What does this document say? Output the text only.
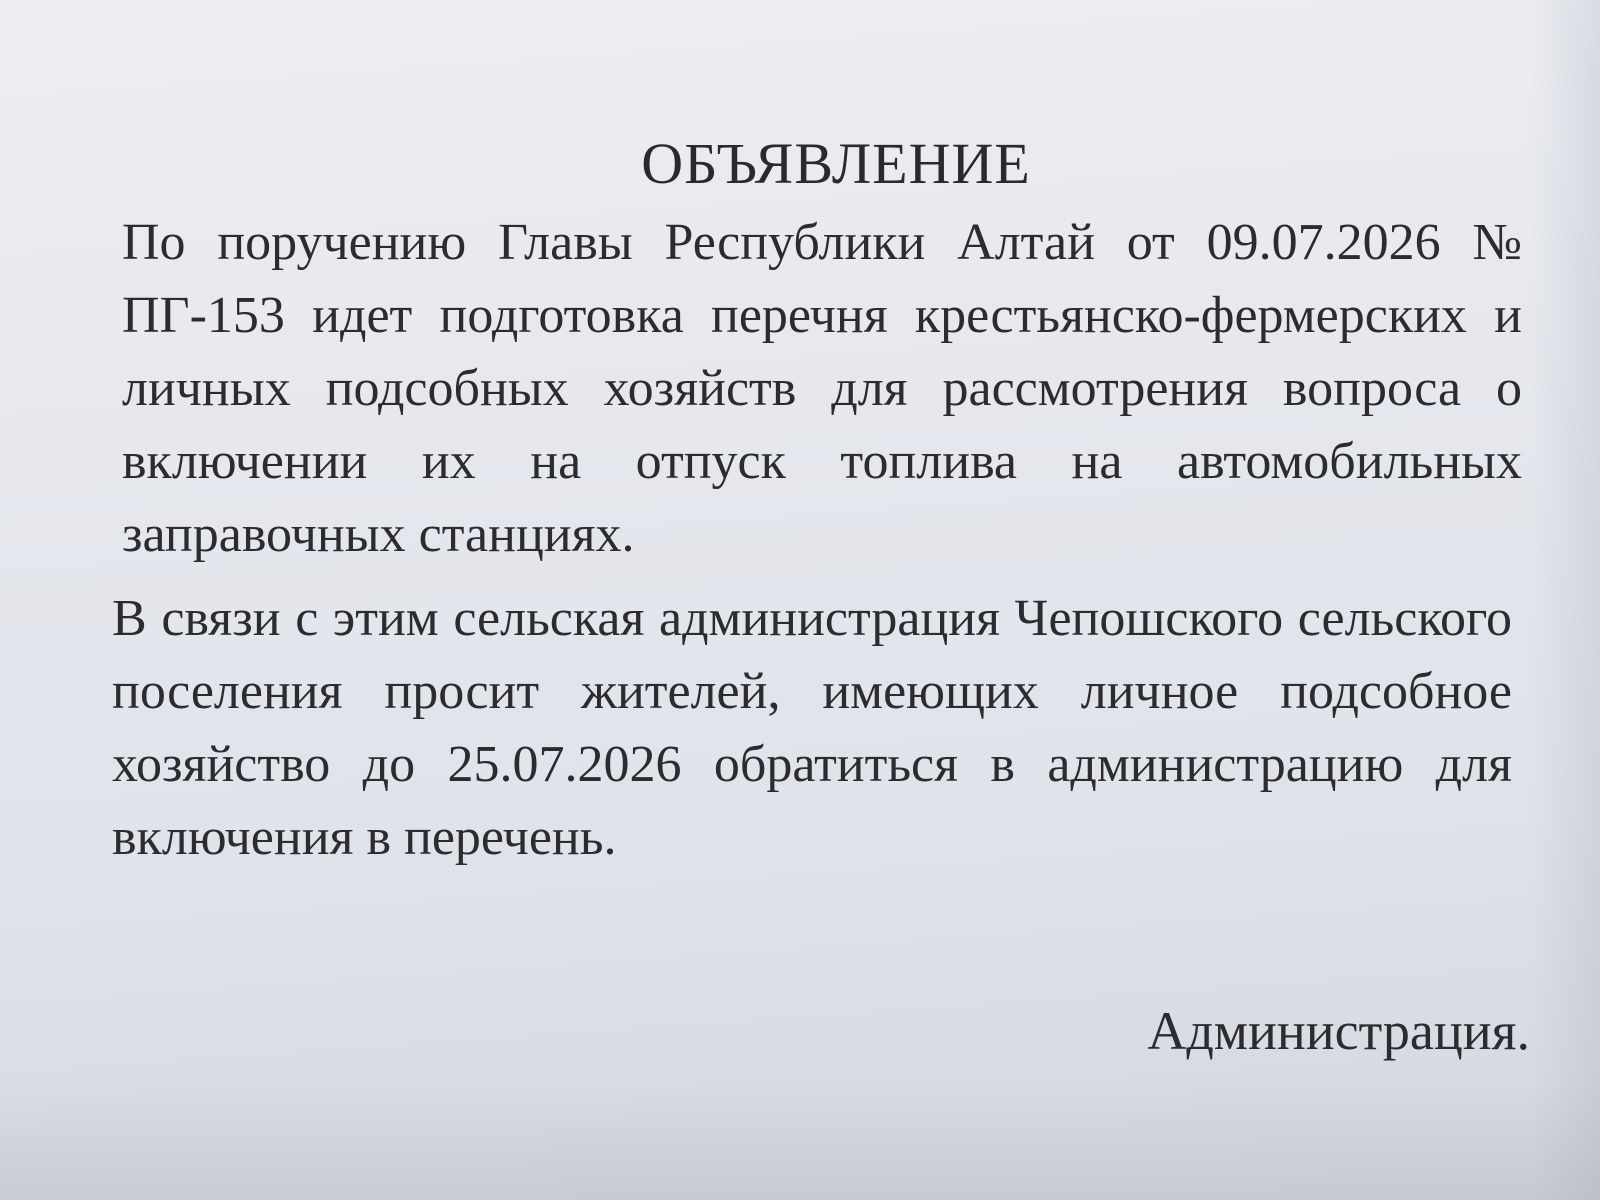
ОБЪЯВЛЕНИЕ

По поручению Главы Республики Алтай от 09.07.2026 № ПГ-153 идет подготовка перечня крестьянско-фермерских и личных подсобных хозяйств для рассмотрения вопроса о включении их на отпуск топлива на автомобильных заправочных станциях.

В связи с этим сельская администрация Чепошского сельского поселения просит жителей, имеющих личное подсобное хозяйство до 25.07.2026 обратиться в администрацию для включения в перечень.

Администрация.
